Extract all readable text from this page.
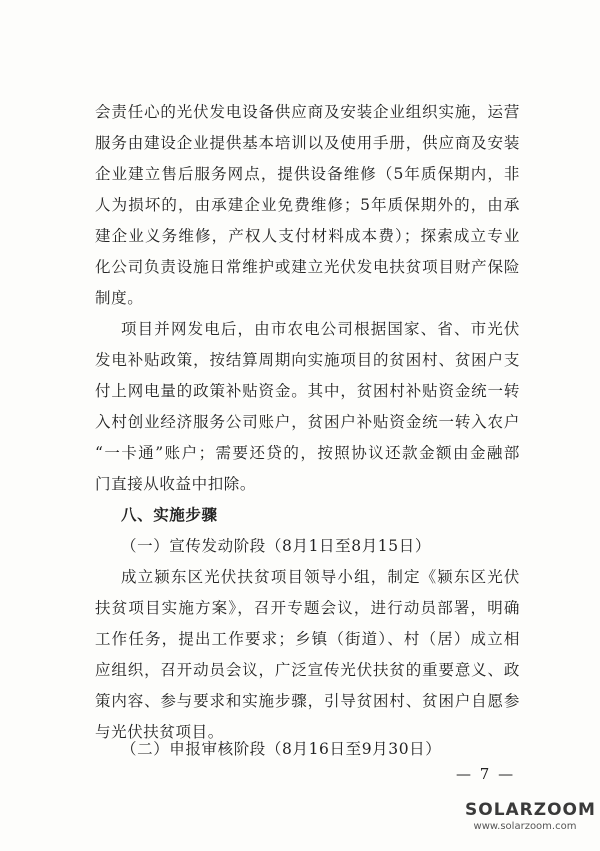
会责任心的光伏发电设备供应商及安装企业组织实施，运营
服务由建设企业提供基本培训以及使用手册，供应商及安装
企业建立售后服务网点，提供设备维修（5年质保期内，非
人为损坏的，由承建企业免费维修；5年质保期外的，由承
建企业义务维修，产权人支付材料成本费）；探索成立专业
化公司负责设施日常维护或建立光伏发电扶贫项目财产保险
制度。
项目并网发电后，由市农电公司根据国家、省、市光伏
发电补贴政策，按结算周期向实施项目的贫困村、贫困户支
付上网电量的政策补贴资金。其中，贫困村补贴资金统一转
入村创业经济服务公司账户，贫困户补贴资金统一转入农户
“一卡通”账户；需要还贷的，按照协议还款金额由金融部
门直接从收益中扣除。
八、实施步骤
（一）宣传发动阶段（8月1日至8月15日）
成立颍东区光伏扶贫项目领导小组，制定《颍东区光伏
扶贫项目实施方案》，召开专题会议，进行动员部署，明确
工作任务，提出工作要求；乡镇（街道）、村（居）成立相
应组织，召开动员会议，广泛宣传光伏扶贫的重要意义、政
策内容、参与要求和实施步骤，引导贫困村、贫困户自愿参
与光伏扶贫项目。
（二）申报审核阶段（8月16日至9月30日）
— 7 —
SOLARZOOM
www.solarzoom.com
